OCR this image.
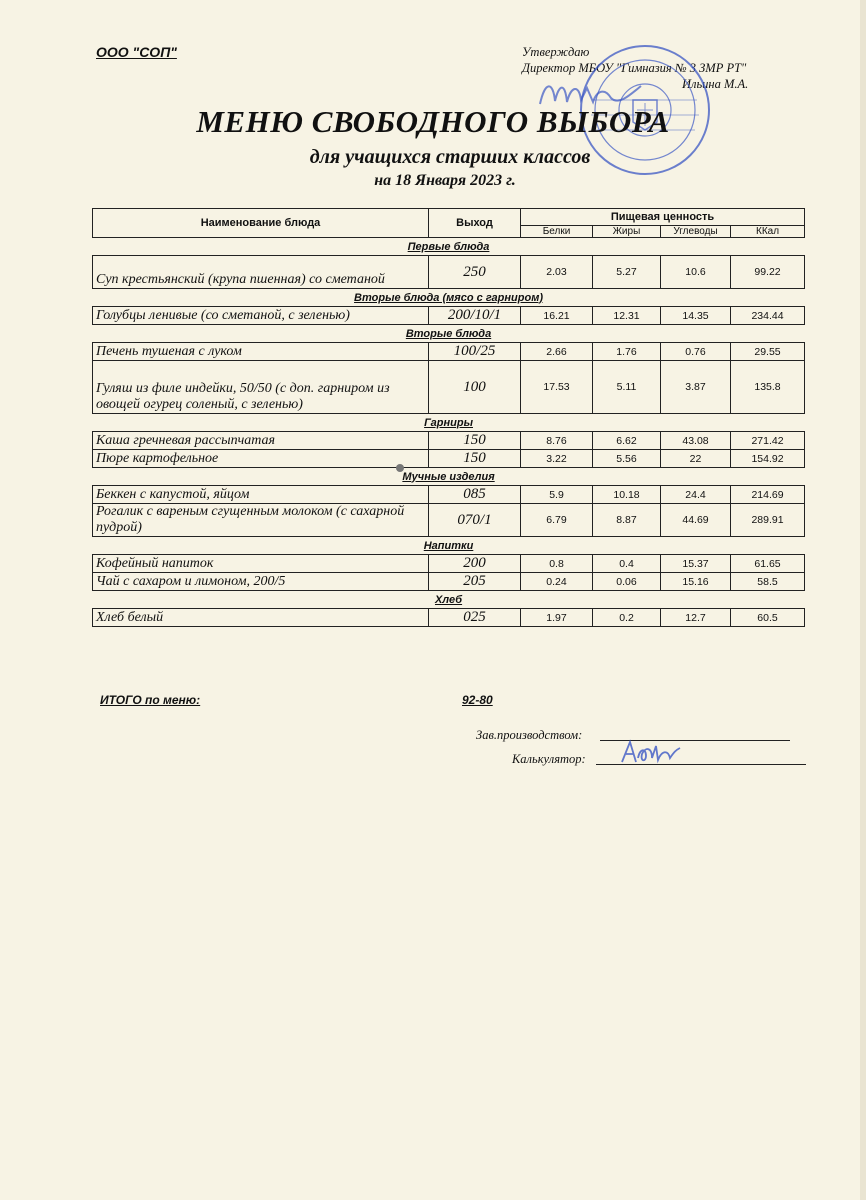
ООО "СОП"	Утверждаю
Директор МБОУ "Гимназия № 3 ЗМР РТ"
Ильина М.А.
МЕНЮ СВОБОДНОГО ВЫБОРА
для учащихся старших классов
на 18 Января 2023 г.
Наименование блюда	Выход	Пищевая ценность			
		Белки	Жиры	Углеводы	ККал
Первые блюда					
Суп крестьянский (крупа пшенная) со сметаной	250	2.03	5.27	10.6	99.22
Вторые блюда (мясо с гарниром)					
Голубцы ленивые (со сметаной, с зеленью)	200/10/1	16.21	12.31	14.35	234.44
Вторые блюда					
Печень тушеная с луком	100/25	2.66	1.76	0.76	29.55
Гуляш из филе индейки, 50/50 (с доп. гарниром из овощей огурец соленый, с зеленью)	100	17.53	5.11	3.87	135.8
Гарниры					
Каша гречневая рассыпчатая	150	8.76	6.62	43.08	271.42
Пюре картофельное	150	3.22	5.56	22	154.92
Мучные изделия					
Беккен с капустой, яйцом	085	5.9	10.18	24.4	214.69
Рогалик с вареным сгущенным молоком (с сахарной пудрой)	070/1	6.79	8.87	44.69	289.91
Напитки					
Кофейный напиток	200	0.8	0.4	15.37	61.65
Чай с сахаром и лимоном, 200/5	205	0.24	0.06	15.16	58.5
Хлеб					
Хлеб белый	025	1.97	0.2	12.7	60.5
ИТОГО по меню:	92-80
Зав.производством:
Калькулятор:
